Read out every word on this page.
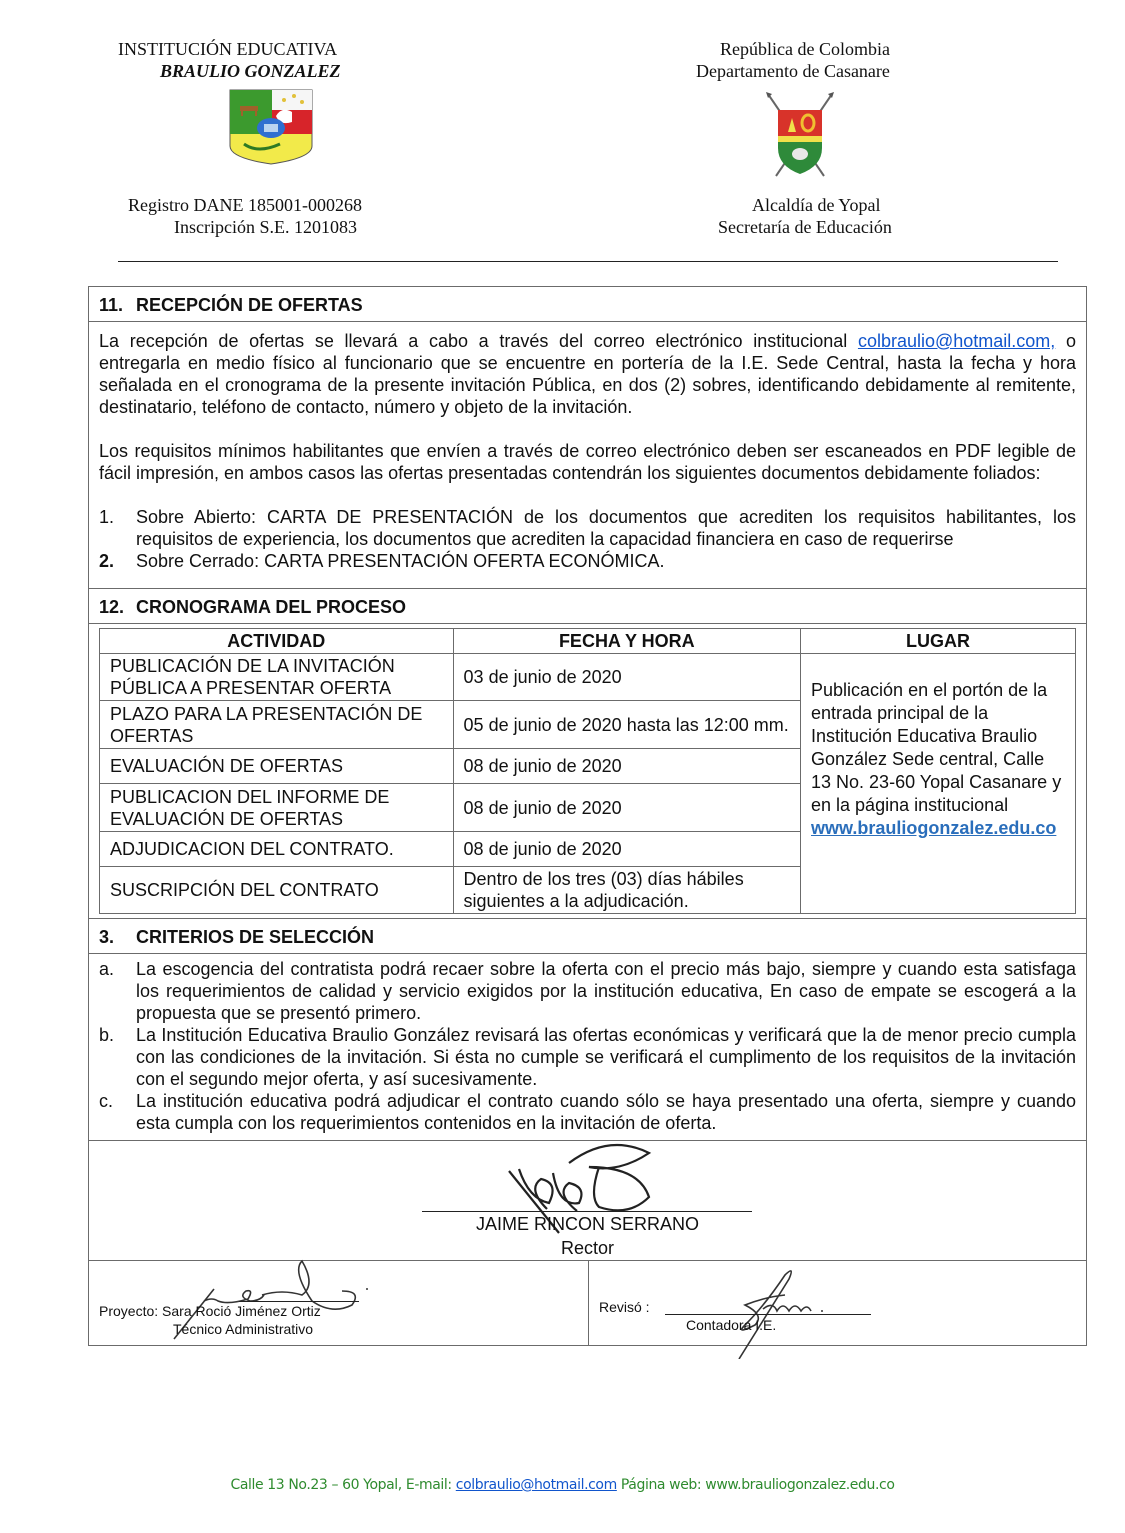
INSTITUCIÓN EDUCATIVA
BRAULIO GONZALEZ
Registro DANE 185001-000268
Inscripción S.E. 1201083
República de Colombia
Departamento de Casanare
Alcaldía de Yopal
Secretaría de Educación
11. RECEPCIÓN DE OFERTAS

La recepción de ofertas se llevará a cabo a través del correo electrónico institucional colbraulio@hotmail.com, o entregarla en medio físico al funcionario que se encuentre en portería de la I.E. Sede Central, hasta la fecha y hora señalada en el cronograma de la presente invitación Pública, en dos (2) sobres, identificando debidamente al remitente, destinatario, teléfono de contacto, número y objeto de la invitación.

Los requisitos mínimos habilitantes que envíen a través de correo electrónico deben ser escaneados en PDF legible de fácil impresión, en ambos casos las ofertas presentadas contendrán los siguientes documentos debidamente foliados:

1.	Sobre Abierto: CARTA DE PRESENTACIÓN de los documentos que acrediten los requisitos habilitantes, los requisitos de experiencia, los documentos que acrediten la capacidad financiera en caso de requerirse
2.	Sobre Cerrado: CARTA PRESENTACIÓN OFERTA ECONÓMICA.
12. CRONOGRAMA DEL PROCESO
ACTIVIDAD	FECHA Y HORA	LUGAR
PUBLICACIÓN DE LA INVITACIÓN PÚBLICA A PRESENTAR OFERTA	03 de junio de 2020	Publicación en el portón de la entrada principal de la Institución Educativa Braulio González Sede central, Calle 13 No. 23-60 Yopal Casanare y en la página institucional www.brauliogonzalez.edu.co
PLAZO PARA LA PRESENTACIÓN DE OFERTAS	05 de junio de 2020 hasta las 12:00 mm.	
EVALUACIÓN DE OFERTAS	08 de junio de 2020	
PUBLICACION DEL INFORME DE EVALUACIÓN DE OFERTAS	08 de junio de 2020	
ADJUDICACION DEL CONTRATO.	08 de junio de 2020	
SUSCRIPCIÓN DEL CONTRATO	Dentro de los tres (03) días hábiles siguientes a la adjudicación.	
3. CRITERIOS DE SELECCIÓN
a.	La escogencia del contratista podrá recaer sobre la oferta con el precio más bajo, siempre y cuando esta satisfaga los requerimientos de calidad y servicio exigidos por la institución educativa, En caso de empate se escogerá a la propuesta que se presentó primero.
b.	La Institución Educativa Braulio González revisará las ofertas económicas y verificará que la de menor precio cumpla con las condiciones de la invitación. Si ésta no cumple se verificará el cumplimento de los requisitos de la invitación con el segundo mejor oferta, y así sucesivamente.
c.	La institución educativa podrá adjudicar el contrato cuando sólo se haya presentado una oferta, siempre y cuando esta cumpla con los requerimientos contenidos en la invitación de oferta.
JAIME RINCON SERRANO
Rector
Proyecto: Sara Roció Jiménez Ortiz
Técnico Administrativo
Revisó :
Contadora I.E.
Calle 13 No.23 – 60 Yopal, E-mail: colbraulio@hotmail.com Página web: www.brauliogonzalez.edu.co
